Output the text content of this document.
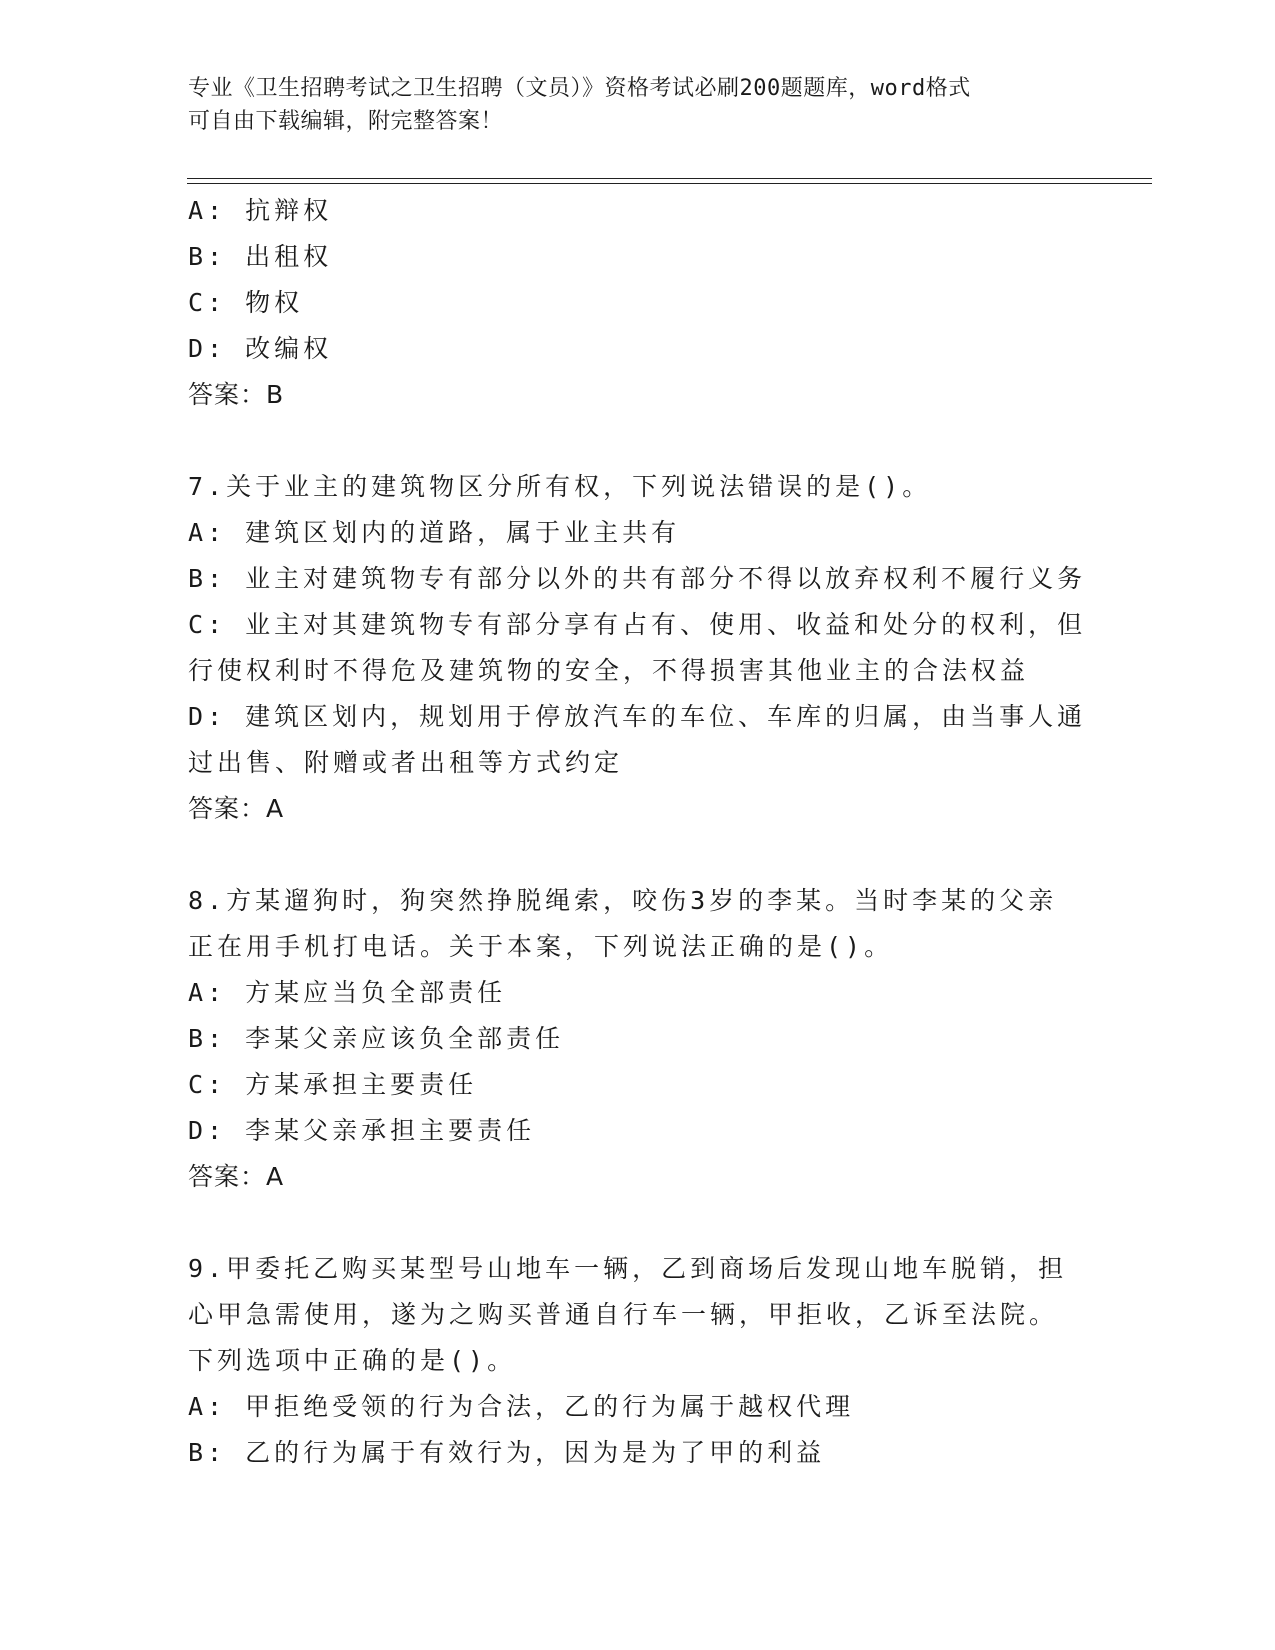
专业《卫生招聘考试之卫生招聘（文员）》资格考试必刷200题题库，word格式
可自由下载编辑，附完整答案！

A: 抗辩权

B: 出租权

C: 物权

D: 改编权

答案：B

7.关于业主的建筑物区分所有权，下列说法错误的是()。

A: 建筑区划内的道路，属于业主共有

B: 业主对建筑物专有部分以外的共有部分不得以放弃权利不履行义务

C: 业主对其建筑物专有部分享有占有、使用、收益和处分的权利，但

行使权利时不得危及建筑物的安全，不得损害其他业主的合法权益

D: 建筑区划内，规划用于停放汽车的车位、车库的归属，由当事人通

过出售、附赠或者出租等方式约定

答案：A

8.方某遛狗时，狗突然挣脱绳索，咬伤3岁的李某。当时李某的父亲

正在用手机打电话。关于本案，下列说法正确的是()。

A: 方某应当负全部责任

B: 李某父亲应该负全部责任

C: 方某承担主要责任

D: 李某父亲承担主要责任

答案：A

9.甲委托乙购买某型号山地车一辆，乙到商场后发现山地车脱销，担

心甲急需使用，遂为之购买普通自行车一辆，甲拒收，乙诉至法院。

下列选项中正确的是()。

A: 甲拒绝受领的行为合法，乙的行为属于越权代理

B: 乙的行为属于有效行为，因为是为了甲的利益
